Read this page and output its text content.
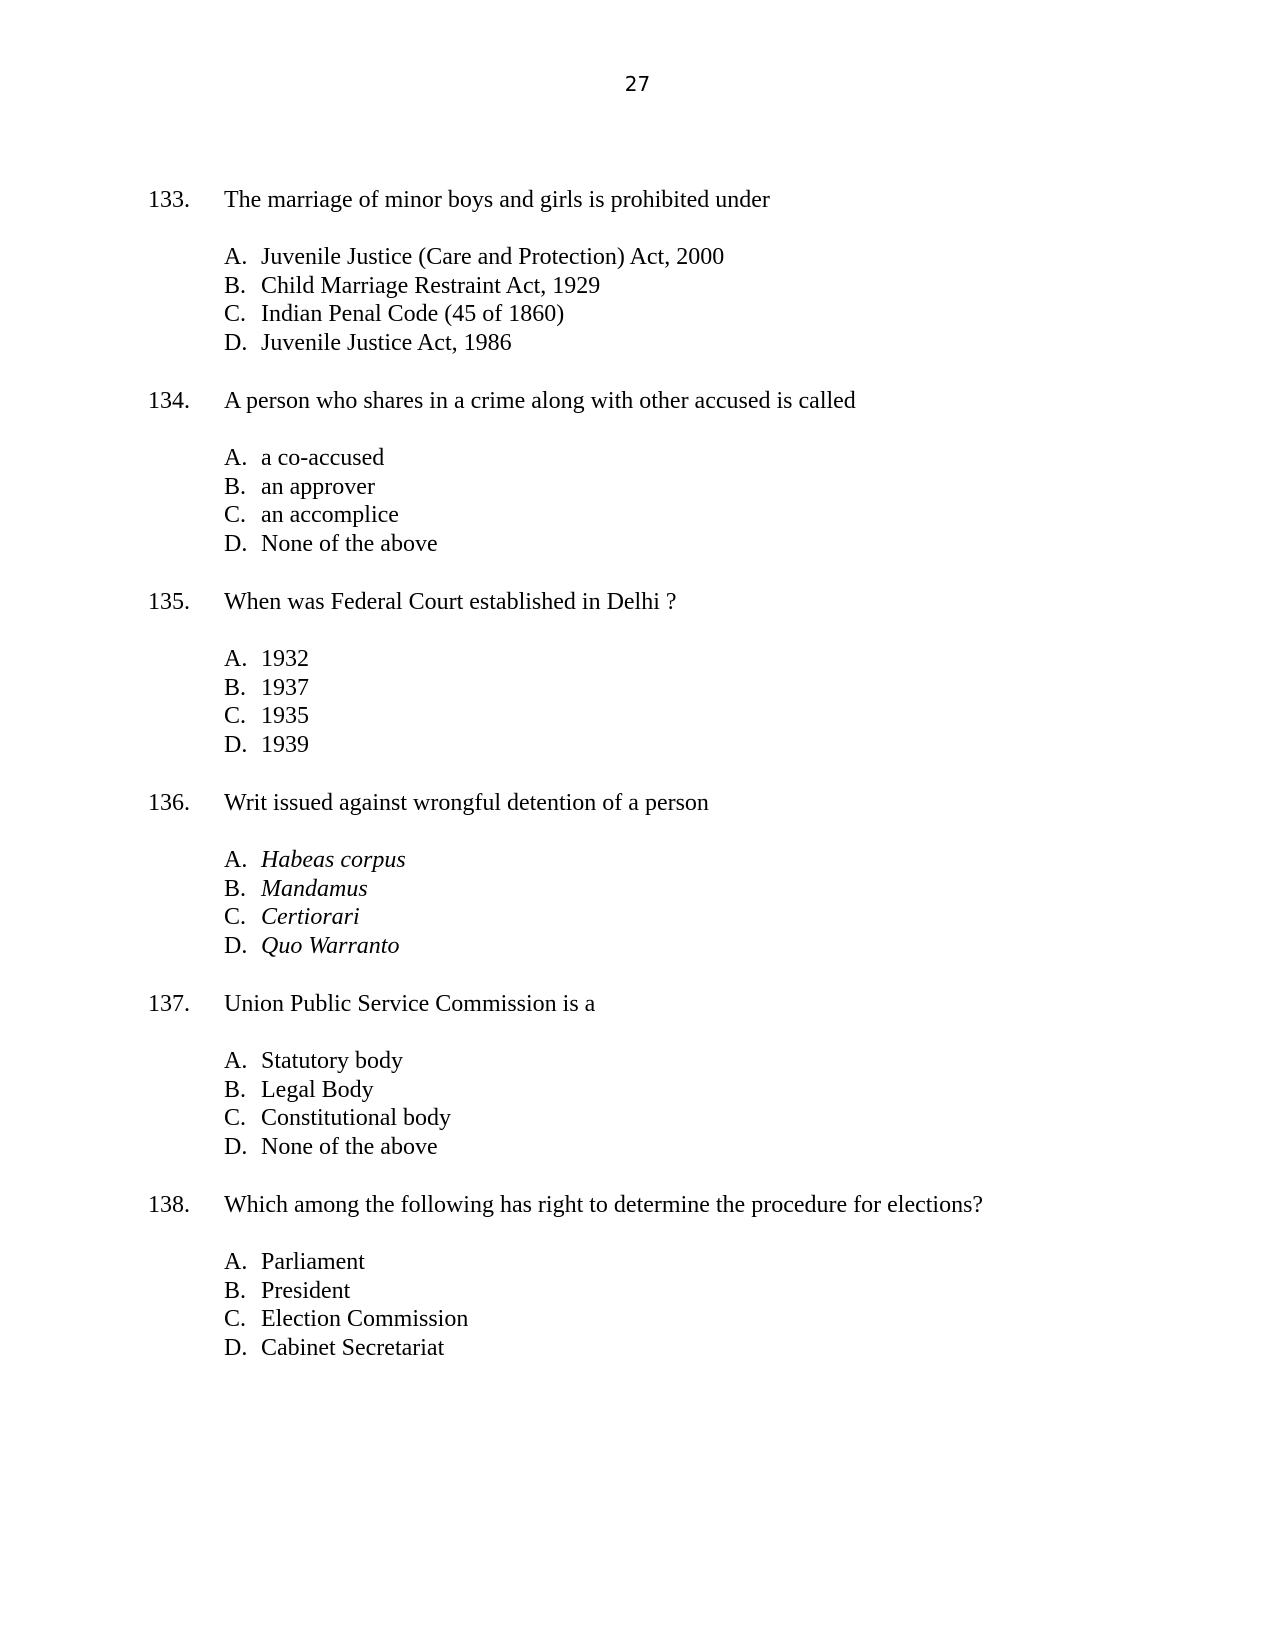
27
133. The marriage of minor boys and girls is prohibited under
A. Juvenile Justice (Care and Protection) Act, 2000
B. Child Marriage Restraint Act, 1929
C. Indian Penal Code (45 of 1860)
D. Juvenile Justice Act, 1986
134. A person who shares in a crime along with other accused is called
A. a co-accused
B. an approver
C. an accomplice
D. None of the above
135. When was Federal Court established in Delhi ?
A. 1932
B. 1937
C. 1935
D. 1939
136. Writ issued against wrongful detention of a person
A. Habeas corpus
B. Mandamus
C. Certiorari
D. Quo Warranto
137. Union Public Service Commission is a
A. Statutory body
B. Legal Body
C. Constitutional body
D. None of the above
138. Which among the following has right to determine the procedure for elections?
A. Parliament
B. President
C. Election Commission
D. Cabinet Secretariat
